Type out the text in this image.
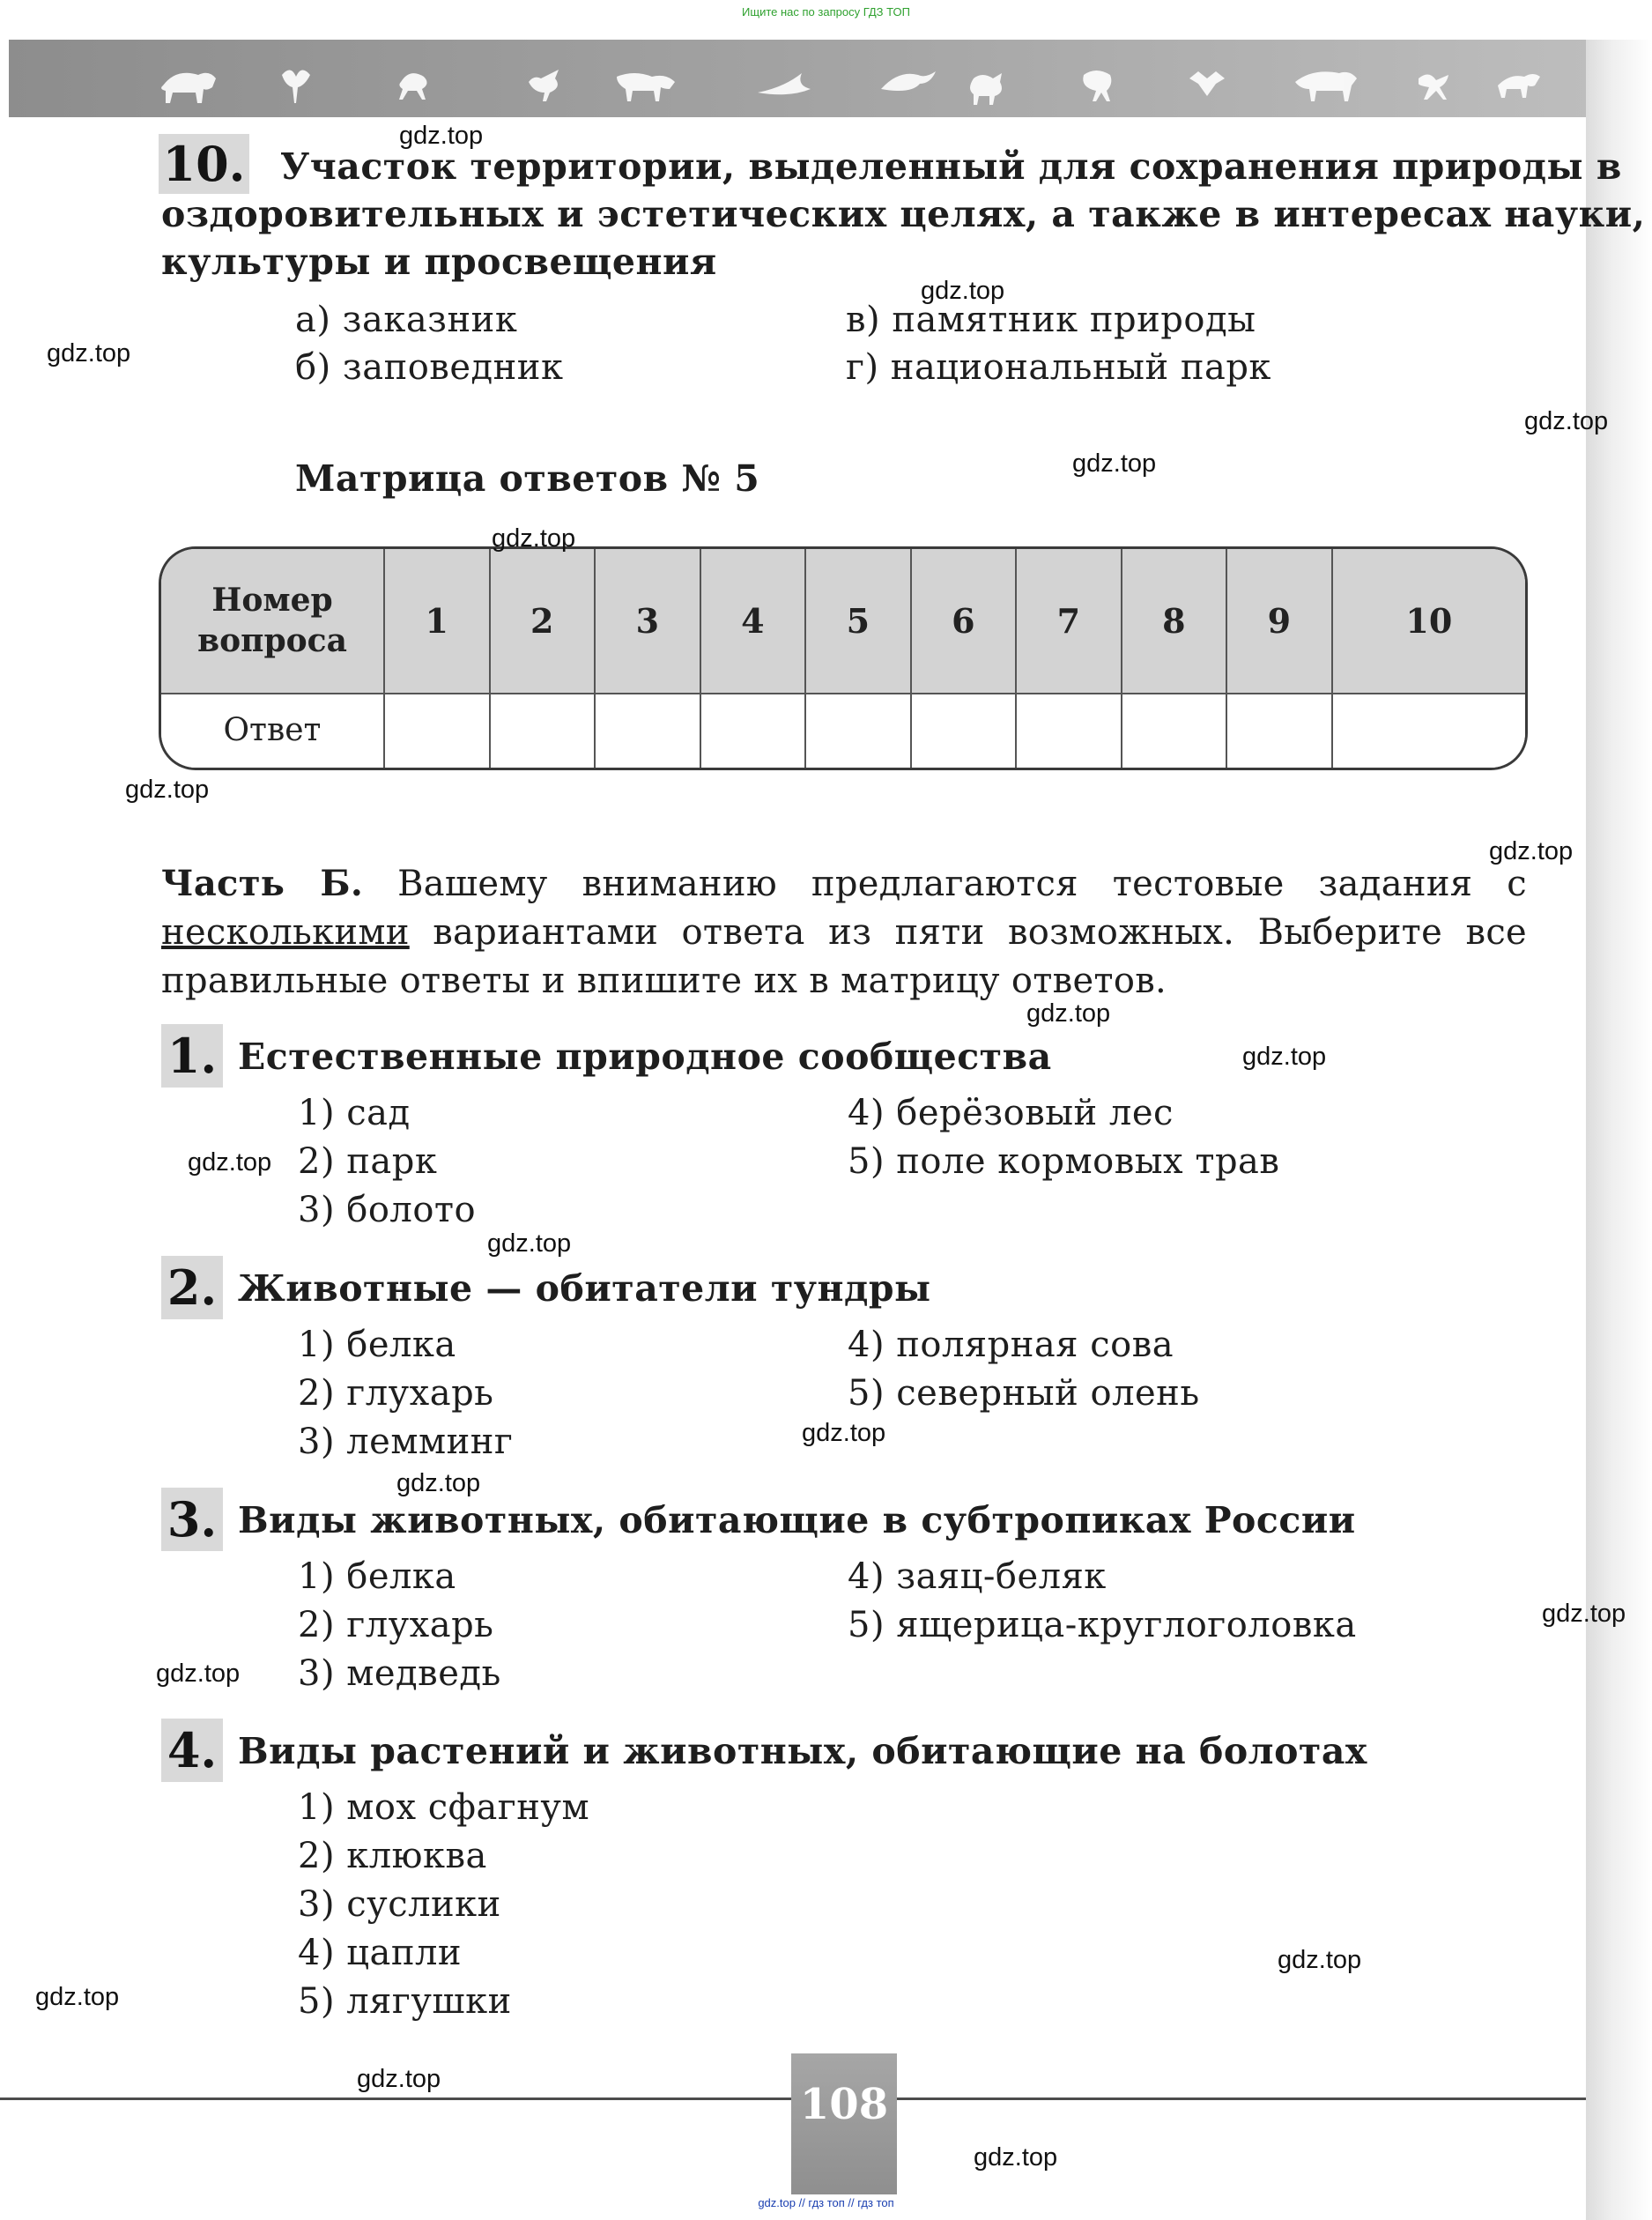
Ищите нас по запросу ГДЗ ТОП
10. Участок территории, выделенный для сохранения природы в
оздоровительных и эстетических целях, а также в интересах науки,
культуры и просвещения
а) заказник
б) заповедник
в) памятник природы
г) национальный парк
Матрица ответов № 5
Номер
вопроса	1	2	3	4	5	6	7	8	9	10
Ответ										
Часть Б. Вашему вниманию предлагаются тестовые задания с несколькими вариантами ответа из пяти возможных. Выберите все правильные ответы и впишите их в матрицу ответов.
1. Естественные природное сообщества
1) сад
2) парк
3) болото
4) берёзовый лес
5) поле кормовых трав
2. Животные — обитатели тундры
1) белка
2) глухарь
3) лемминг
4) полярная сова
5) северный олень
3. Виды животных, обитающие в субтропиках России
1) белка
2) глухарь
3) медведь
4) заяц-беляк
5) ящерица-круглоголовка
4. Виды растений и животных, обитающие на болотах
1) мох сфагнум
2) клюква
3) суслики
4) цапли
5) лягушки
108
gdz.top // гдз топ // гдз топ
gdz.top
gdz.top
gdz.top
gdz.top
gdz.top
gdz.top
gdz.top
gdz.top
gdz.top
gdz.top
gdz.top
gdz.top
gdz.top
gdz.top
gdz.top
gdz.top
gdz.top
gdz.top
gdz.top
gdz.top
